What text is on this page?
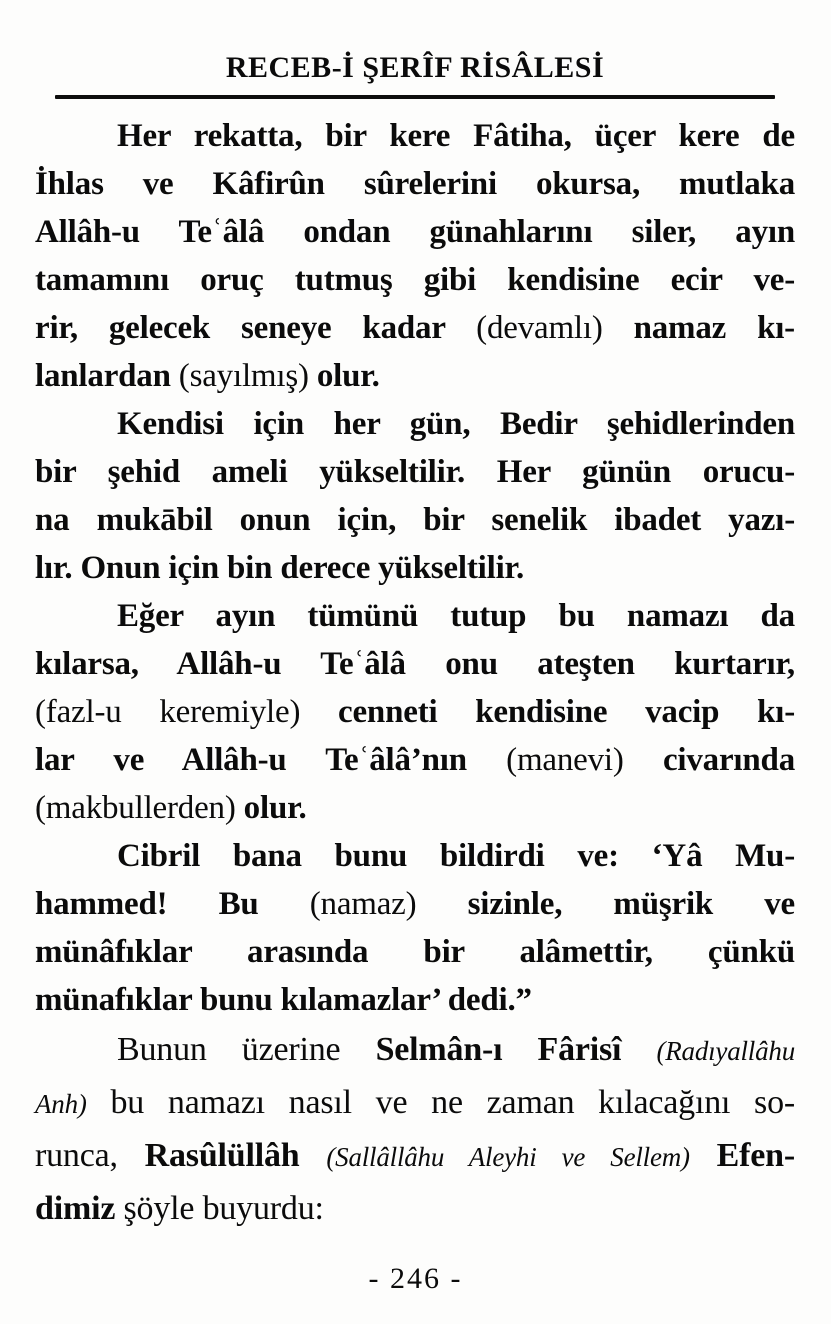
RECEB-İ ŞERÎF RİSÂLESİ
Her rekatta, bir kere Fâtiha, üçer kere de
İhlas ve Kâfirûn sûrelerini okursa, mutlaka
Allâh-u Teʿâlâ ondan günahlarını siler, ayın
tamamını oruç tutmuş gibi kendisine ecir ve-
rir, gelecek seneye kadar (devamlı) namaz kı-
lanlardan (sayılmış) olur.
Kendisi için her gün, Bedir şehidlerinden
bir şehid ameli yükseltilir. Her günün orucu-
na mukābil onun için, bir senelik ibadet yazı-
lır. Onun için bin derece yükseltilir.
Eğer ayın tümünü tutup bu namazı da
kılarsa, Allâh-u Teʿâlâ onu ateşten kurtarır,
(fazl-u keremiyle) cenneti kendisine vacip kı-
lar ve Allâh-u Teʿâlâ’nın (manevi) civarında
(makbullerden) olur.
Cibril bana bunu bildirdi ve: ‘Yâ Mu-
hammed! Bu (namaz) sizinle, müşrik ve
münâfıklar arasında bir alâmettir, çünkü
münafıklar bunu kılamazlar’ dedi.”
Bunun üzerine Selmân-ı Fârisî (Radıyallâhu
Anh) bu namazı nasıl ve ne zaman kılacağını so-
runca, Rasûlüllâh (Sallâllâhu Aleyhi ve Sellem) Efen-
dimiz şöyle buyurdu:
- 246 -
